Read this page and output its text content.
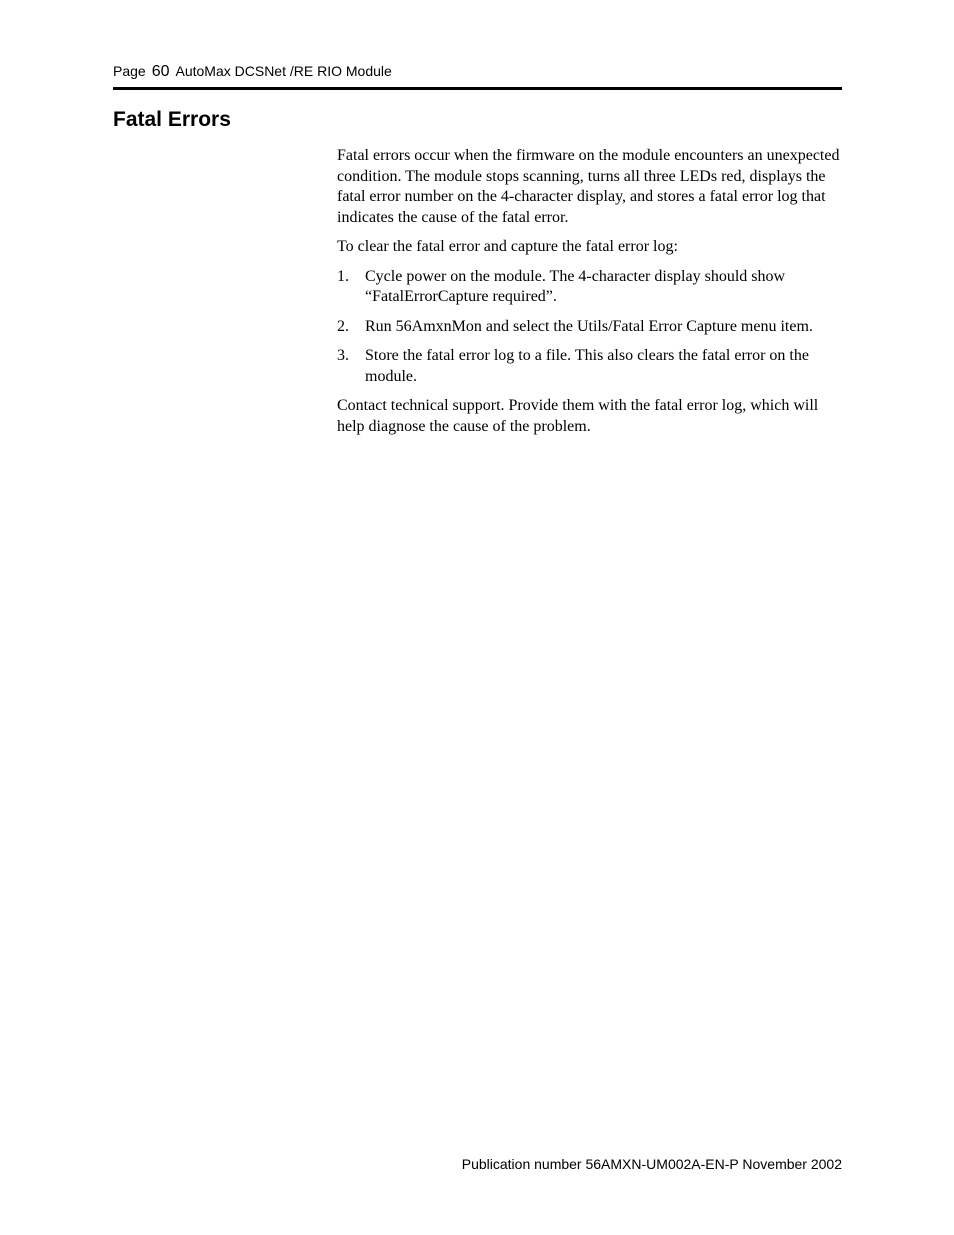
Page 60 AutoMax DCSNet /RE RIO Module
Fatal Errors

Fatal errors occur when the firmware on the module encounters an unexpected condition. The module stops scanning, turns all three LEDs red, displays the fatal error number on the 4-character display, and stores a fatal error log that indicates the cause of the fatal error.

To clear the fatal error and capture the fatal error log:

1. Cycle power on the module. The 4-character display should show “FatalErrorCapture required”.
2. Run 56AmxnMon and select the Utils/Fatal Error Capture menu item.
3. Store the fatal error log to a file. This also clears the fatal error on the module.

Contact technical support. Provide them with the fatal error log, which will help diagnose the cause of the problem.

Publication number 56AMXN-UM002A-EN-P November 2002
